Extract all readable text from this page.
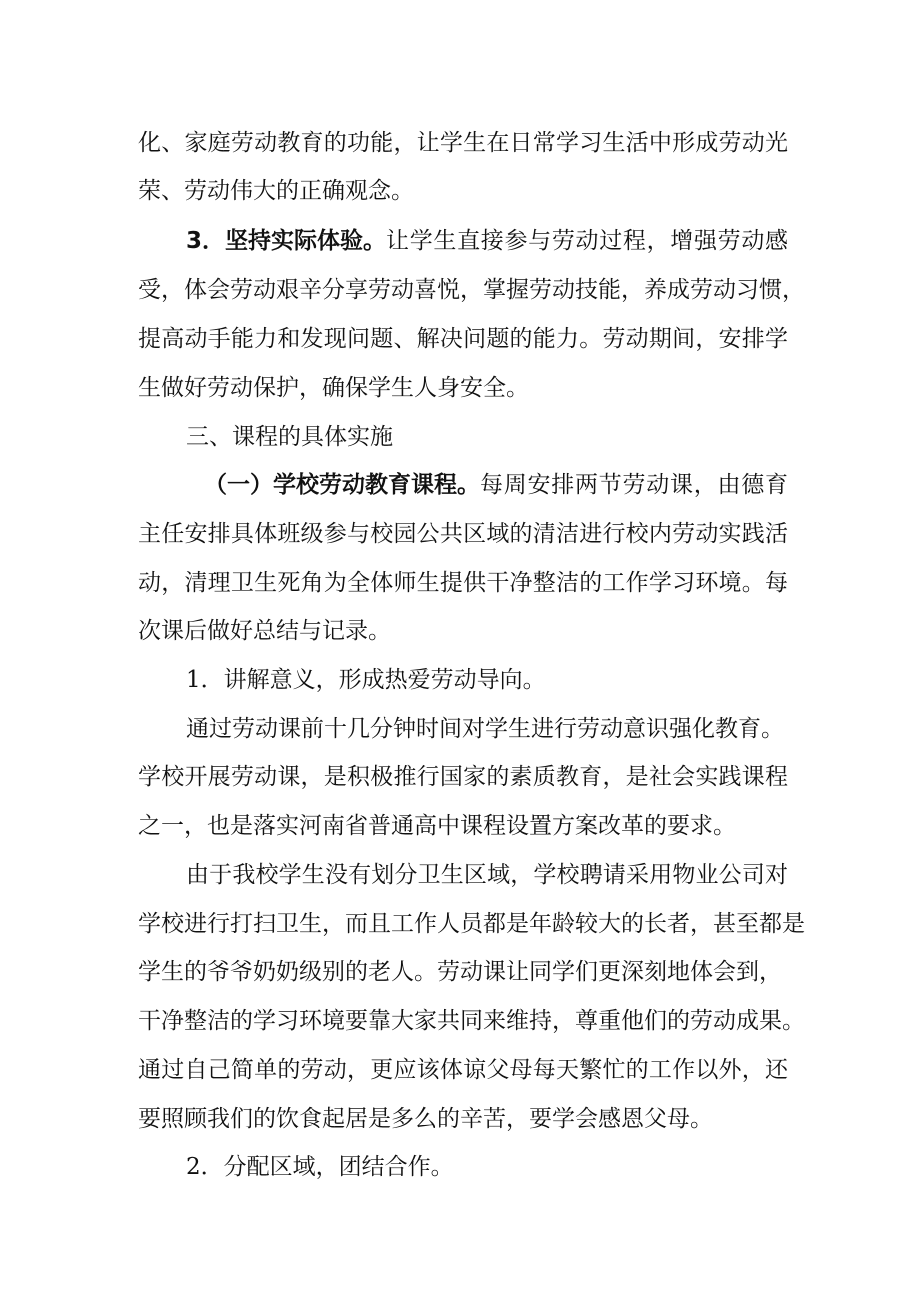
化、家庭劳动教育的功能，让学生在日常学习生活中形成劳动光
荣、劳动伟大的正确观念。
3．坚持实际体验。 让学生直接参与劳动过程，增强劳动感
受，体会劳动艰辛分享劳动喜悦，掌握劳动技能，养成劳动习惯，
提高动手能力和发现问题、解决问题的能力。劳动期间，安排学
生做好劳动保护，确保学生人身安全。
三、课程的具体实施
（一）学校劳动教育课程。 每周安排两节劳动课，由德育
主任安排具体班级参与校园公共区域的清洁进行校内劳动实践活
动，清理卫生死角为全体师生提供干净整洁的工作学习环境。每
次课后做好总结与记录。
1．讲解意义，形成热爱劳动导向。
通过劳动课前十几分钟时间对学生进行劳动意识强化教育。
学校开展劳动课，是积极推行国家的素质教育，是社会实践课程
之一，也是落实河南省普通高中课程设置方案改革的要求。
由于我校学生没有划分卫生区域，学校聘请采用物业公司对
学校进行打扫卫生，而且工作人员都是年龄较大的长者，甚至都是
学生的爷爷奶奶级别的老人。劳动课让同学们更深刻地体会到，
干净整洁的学习环境要靠大家共同来维持，尊重他们的劳动成果。
通过自己简单的劳动，更应该体谅父母每天繁忙的工作以外，还
要照顾我们的饮食起居是多么的辛苦，要学会感恩父母。
2．分配区域，团结合作。
